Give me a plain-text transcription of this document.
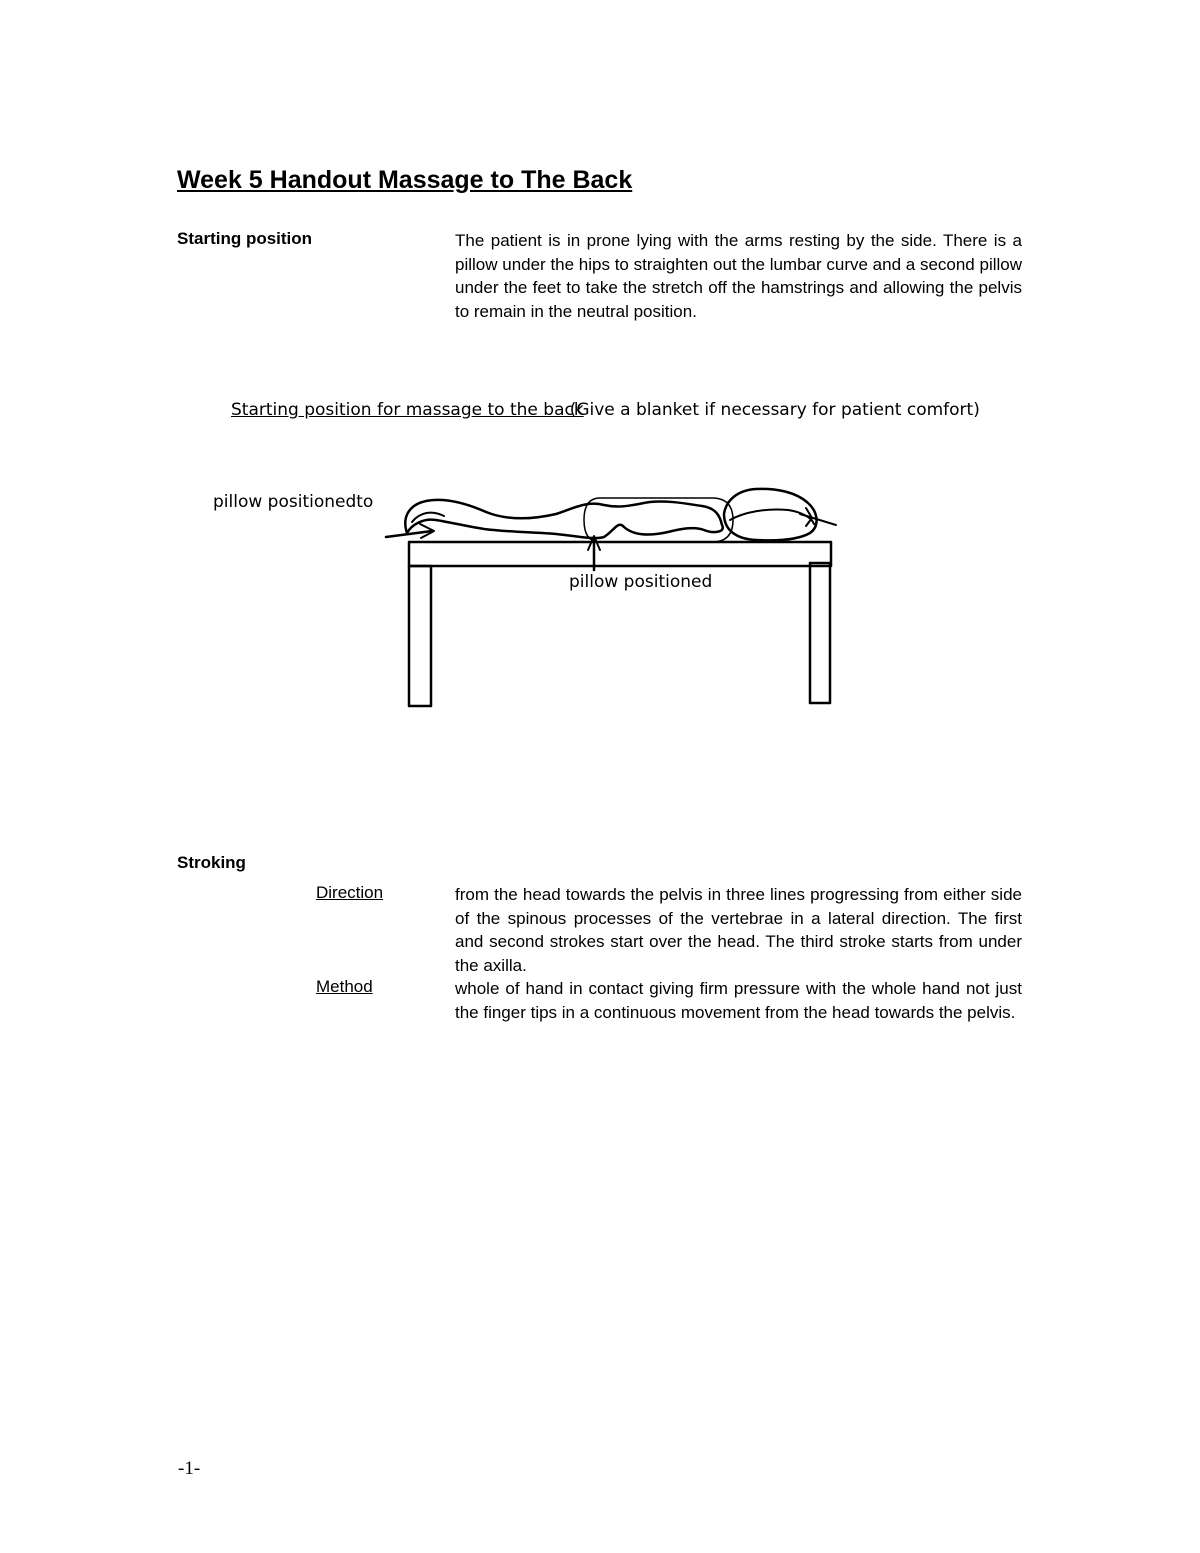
Week 5 Handout Massage to The Back
Starting position	The patient is in prone lying with the arms resting by the side. There is a pillow under the hips to straighten out the lumbar curve and a second pillow under the feet to take the stretch off the hamstrings and allowing the pelvis to remain in the neutral position.
Starting position for massage to the back(Give a blanket if necessary for patient comfort)
pillow positionedto
pillow positioned
Stroking
Direction	from the head towards the pelvis in three lines progressing from either side of the spinous processes of the vertebrae in a lateral direction. The first and second strokes start over the head. The third stroke starts from under the axilla.
Method	whole of hand in contact giving firm pressure with the whole hand not just the finger tips in a continuous movement from the head towards the pelvis.
-1-
